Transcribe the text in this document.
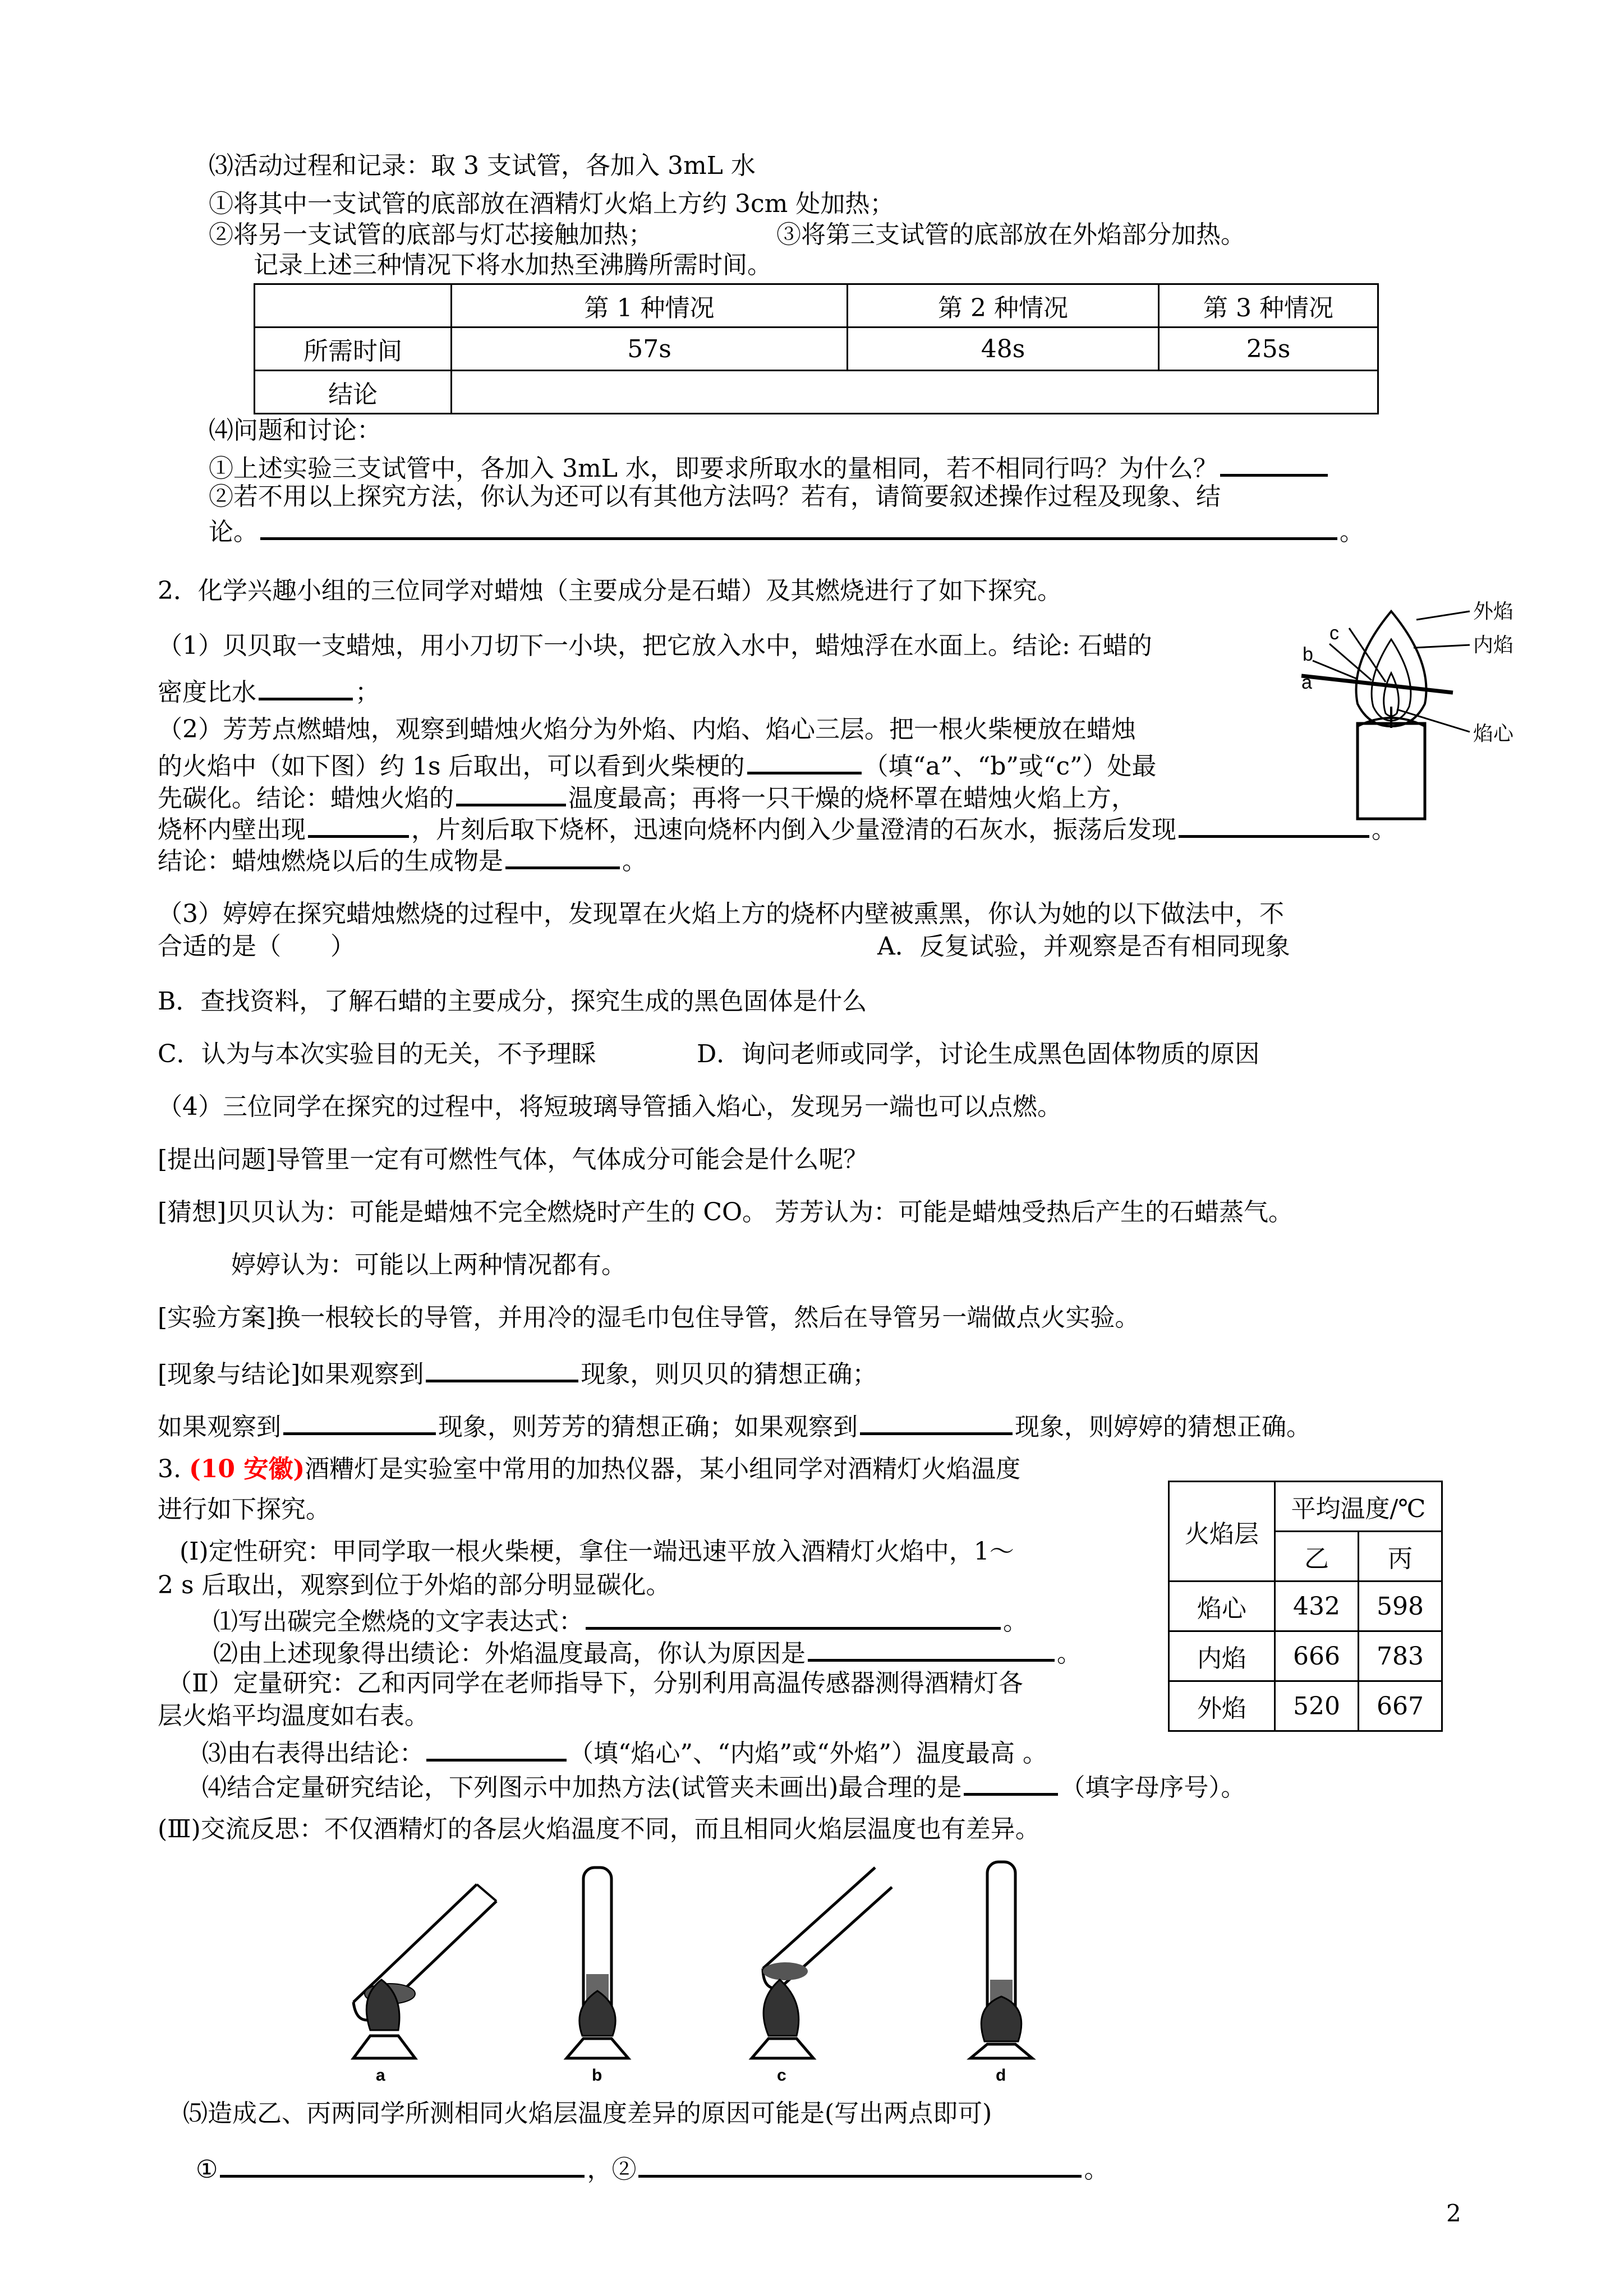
⑶活动过程和记录：取 3 支试管，各加入 3mL 水
①将其中一支试管的底部放在酒精灯火焰上方约 3cm 处加热；
②将另一支试管的底部与灯芯接触加热；	③将第三支试管的底部放在外焰部分加热。
记录上述三种情况下将水加热至沸腾所需时间。
	第 1 种情况	第 2 种情况	第 3 种情况
所需时间	57s	48s	25s
结论			
⑷问题和讨论：
①上述实验三支试管中，各加入 3mL 水，即要求所取水的量相同，若不相同行吗？为什么？
②若不用以上探究方法，你认为还可以有其他方法吗？若有，请简要叙述操作过程及现象、结
论。	。
2．化学兴趣小组的三位同学对蜡烛（主要成分是石蜡）及其燃烧进行了如下探究。
（1）贝贝取一支蜡烛，用小刀切下一小块，把它放入水中，蜡烛浮在水面上。结论: 石蜡的
密度比水	；
（2）芳芳点燃蜡烛，观察到蜡烛火焰分为外焰、内焰、焰心三层。把一根火柴梗放在蜡烛
的火焰中（如下图）约 1s 后取出，可以看到火柴梗的	（填“a”、“b”或“c”）处最
先碳化。结论：蜡烛火焰的	温度最高；再将一只干燥的烧杯罩在蜡烛火焰上方，
烧杯内壁出现	，片刻后取下烧杯，迅速向烧杯内倒入少量澄清的石灰水，振荡后发现	。
结论：蜡烛燃烧以后的生成物是	。
a
b
c
外焰
内焰
焰心
（3）婷婷在探究蜡烛燃烧的过程中，发现罩在火焰上方的烧杯内壁被熏黑，你认为她的以下做法中，不
合适的是（　　）	A．反复试验，并观察是否有相同现象
B．查找资料，了解石蜡的主要成分，探究生成的黑色固体是什么
C．认为与本次实验目的无关，不予理睬	D．询问老师或同学，讨论生成黑色固体物质的原因
（4）三位同学在探究的过程中，将短玻璃导管插入焰心，发现另一端也可以点燃。
[提出问题]导管里一定有可燃性气体，气体成分可能会是什么呢？
[猜想]贝贝认为：可能是蜡烛不完全燃烧时产生的 CO。 芳芳认为：可能是蜡烛受热后产生的石蜡蒸气。
婷婷认为：可能以上两种情况都有。
[实验方案]换一根较长的导管，并用冷的湿毛巾包住导管，然后在导管另一端做点火实验。
[现象与结论]如果观察到	现象，则贝贝的猜想正确；
如果观察到	现象，则芳芳的猜想正确；如果观察到	现象，则婷婷的猜想正确。
3. (10 安徽)酒糟灯是实验室中常用的加热仪器，某小组同学对酒精灯火焰温度
进行如下探究。
(Ⅰ)定性研究：甲同学取一根火柴梗，拿住一端迅速平放入酒精灯火焰中，1～
2 s 后取出，观察到位于外焰的部分明显碳化。
⑴写出碳完全燃烧的文字表达式：	。
⑵由上述现象得出绩论：外焰温度最高，你认为原因是	。
（Ⅱ）定量研究：乙和丙同学在老师指导下，分别利用高温传感器测得酒精灯各
层火焰平均温度如右表。
⑶由右表得出结论：	（填“焰心”、“内焰”或“外焰”）温度最高 。
⑷结合定量研究结论，下列图示中加热方法(试管夹未画出)最合理的是	（填字母序号）。
(Ⅲ)交流反思：不仅酒精灯的各层火焰温度不同，而且相同火焰层温度也有差异。
火焰层	平均温度/℃	
	乙	丙
焰心	432	598
内焰	666	783
外焰	520	667
a	b	c	d
⑸造成乙、丙两同学所测相同火焰层温度差异的原因可能是(写出两点即可)
①	，②	。
2
